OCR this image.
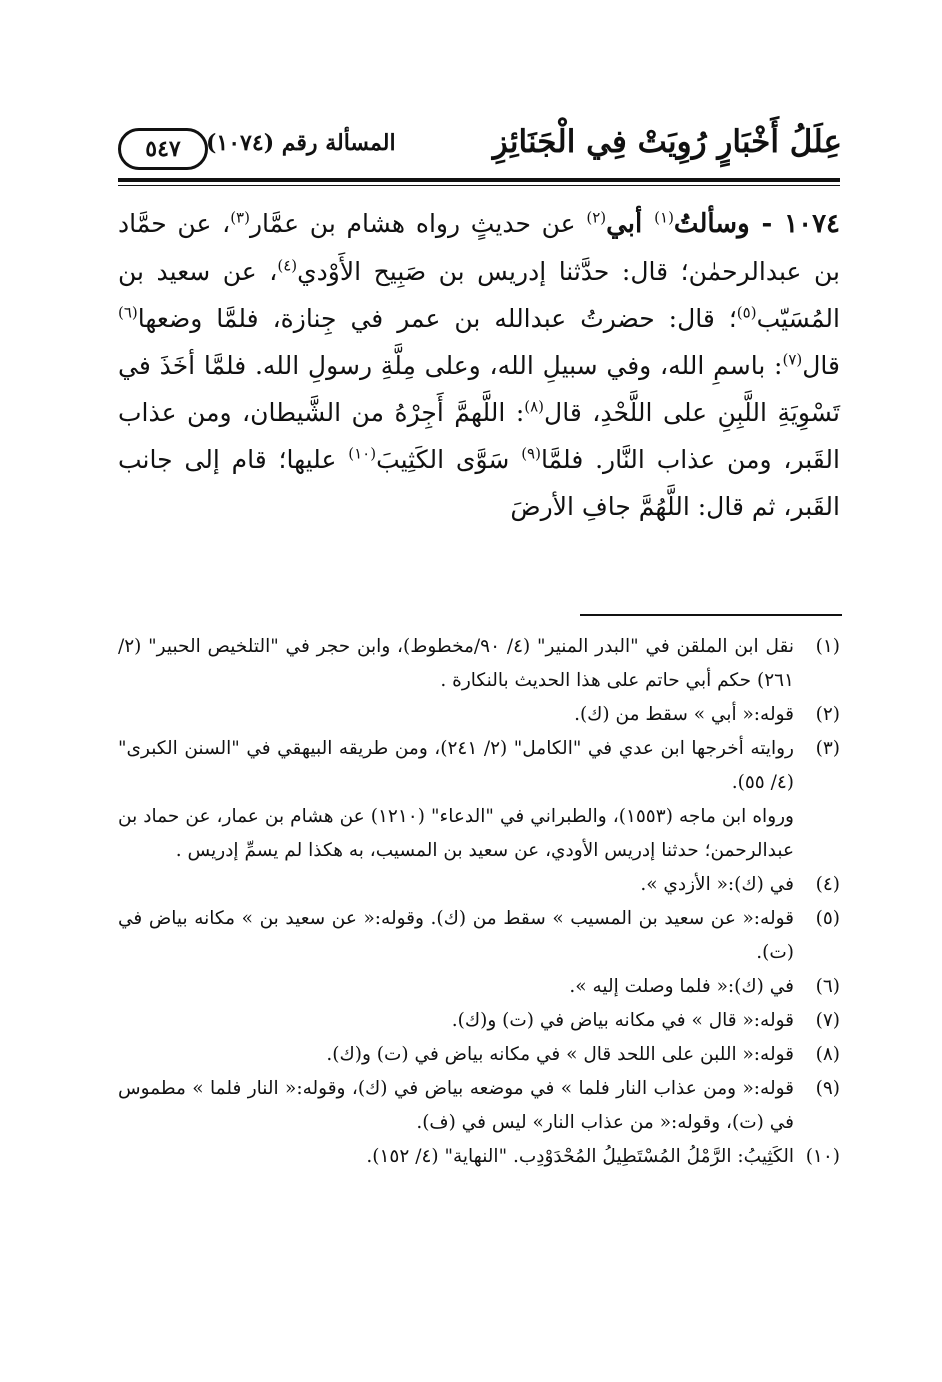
عِلَلُ أَخْبَارٍ رُوِيَتْ فِي الْجَنَائِزِ
المسألة رقم (١٠٧٤)
٥٤٧

١٠٧٤ - وسألتُ$^{(١)}$ أبي$^{(٢)}$ عن حديثٍ رواه هشام بن عمَّار$^{(٣)}$، عن حمَّاد بن عبدالرحمٰن؛ قال: حدَّثنا إدريس بن صَبِيح الأَوْدي$^{(٤)}$، عن سعيد بن المُسَيّب$^{(٥)}$؛ قال: حضرتُ عبدالله بن عمر في جِنازة، فلمَّا وضعها$^{(٦)}$ قال$^{(٧)}$: باسمِ الله، وفي سبيلِ الله، وعلى مِلَّةِ رسولِ الله. فلمَّا أخَذَ في تَسْوِيَةِ اللَّبِنِ على اللَّحْدِ، قال$^{(٨)}$: اللَّهمَّ أَجِرْهُ من الشَّيطان، ومن عذاب القَبر، ومن عذاب النَّار. فلمَّا$^{(٩)}$ سَوَّى الكَثِيبَ$^{(١٠)}$ عليها؛ قام إلى جانب القَبر، ثم قال: اللَّهُمَّ جافِ الأرضَ

(١)
نقل ابن الملقن في "البدر المنير" (٤/ ٩٠/مخطوط)، وابن حجر في "التلخيص الحبير" (٢/ ٢٦١) حكم أبي حاتم على هذا الحديث بالنكارة .
(٢)
قوله:« أبي » سقط من (ك).
(٣)
روايته أخرجها ابن عدي في "الكامل" (٢/ ٢٤١)، ومن طريقه البيهقي في "السنن الكبرى"(٤/ ٥٥).
ورواه ابن ماجه (١٥٥٣)، والطبراني في "الدعاء" (١٢١٠) عن هشام بن عمار، عن حماد بن عبدالرحمن؛ حدثنا إدريس الأودي، عن سعيد بن المسيب، به هكذا لم يسمِّ إدريس .
(٤)
في (ك):« الأزدي ».
(٥)
قوله:« عن سعيد بن المسيب » سقط من (ك). وقوله:« عن سعيد بن » مكانه بياض في (ت).
(٦)
في (ك):« فلما وصلت إليه ».
(٧)
قوله:« قال » في مكانه بياض في (ت) و(ك).
(٨)
قوله:« اللبن على اللحد قال » في مكانه بياض في (ت) و(ك).
(٩)
قوله:« ومن عذاب النار فلما » في موضعه بياض في (ك)، وقوله:« النار فلما » مطموس في (ت)، وقوله:« من عذاب النار» ليس في (ف).
(١٠)
الكَثِيبُ: الرَّمْلُ المُسْتَطِيلُ المُحْدَوْدِب. "النهاية" (٤/ ١٥٢).
